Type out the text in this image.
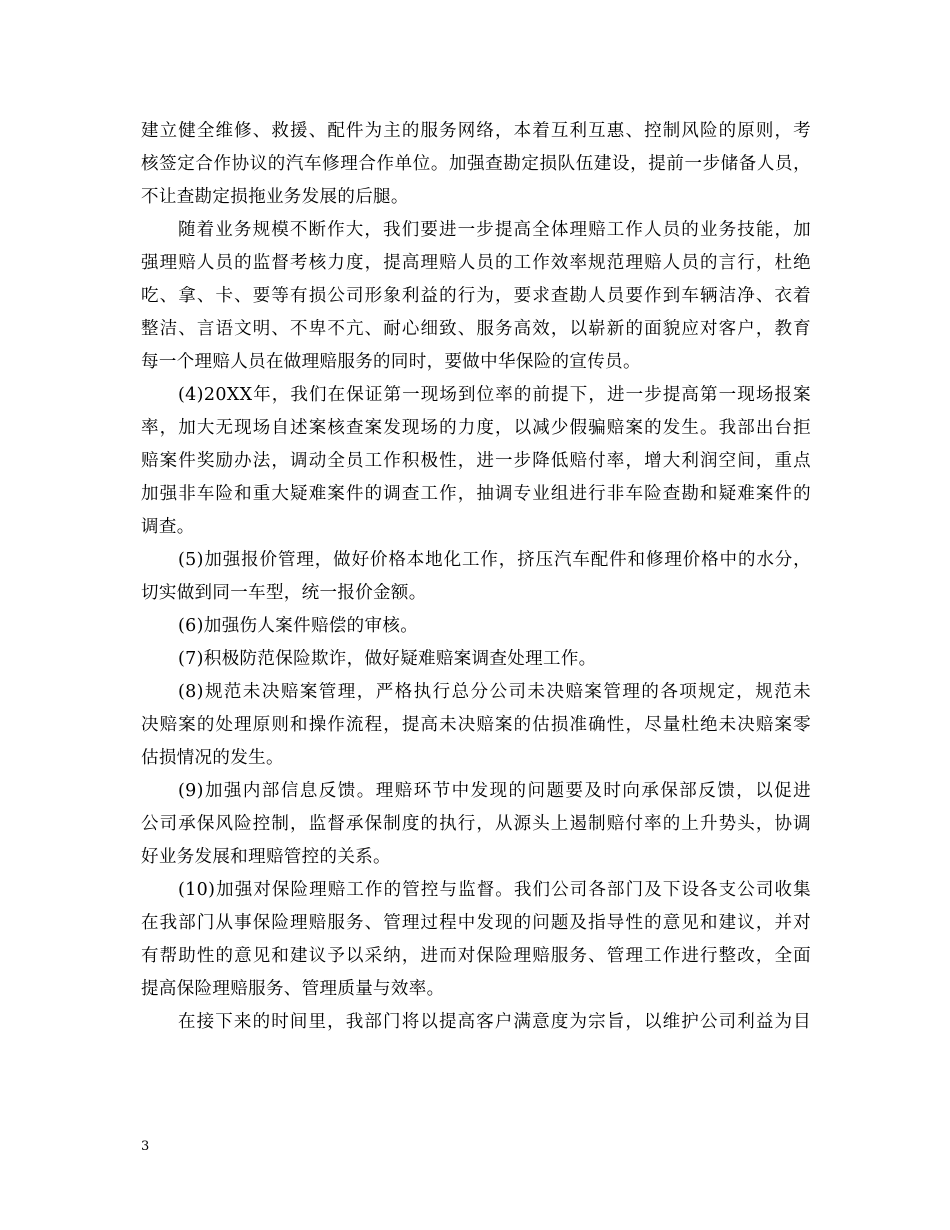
建立健全维修、救援、配件为主的服务网络，本着互利互惠、控制风险的原则，考
核签定合作协议的汽车修理合作单位。加强查勘定损队伍建设，提前一步储备人员，
不让查勘定损拖业务发展的后腿。
随着业务规模不断作大，我们要进一步提高全体理赔工作人员的业务技能，加
强理赔人员的监督考核力度，提高理赔人员的工作效率规范理赔人员的言行，杜绝
吃、拿、卡、要等有损公司形象利益的行为，要求查勘人员要作到车辆洁净、衣着
整洁、言语文明、不卑不亢、耐心细致、服务高效，以崭新的面貌应对客户，教育
每一个理赔人员在做理赔服务的同时，要做中华保险的宣传员。
(4)20XX年，我们在保证第一现场到位率的前提下，进一步提高第一现场报案
率，加大无现场自述案核查案发现场的力度，以减少假骗赔案的发生。我部出台拒
赔案件奖励办法，调动全员工作积极性，进一步降低赔付率，增大利润空间，重点
加强非车险和重大疑难案件的调查工作，抽调专业组进行非车险查勘和疑难案件的
调查。
(5)加强报价管理，做好价格本地化工作，挤压汽车配件和修理价格中的水分，
切实做到同一车型，统一报价金额。
(6)加强伤人案件赔偿的审核。
(7)积极防范保险欺诈，做好疑难赔案调查处理工作。
(8)规范未决赔案管理，严格执行总分公司未决赔案管理的各项规定，规范未
决赔案的处理原则和操作流程，提高未决赔案的估损准确性，尽量杜绝未决赔案零
估损情况的发生。
(9)加强内部信息反馈。理赔环节中发现的问题要及时向承保部反馈，以促进
公司承保风险控制，监督承保制度的执行，从源头上遏制赔付率的上升势头，协调
好业务发展和理赔管控的关系。
(10)加强对保险理赔工作的管控与监督。我们公司各部门及下设各支公司收集
在我部门从事保险理赔服务、管理过程中发现的问题及指导性的意见和建议，并对
有帮助性的意见和建议予以采纳，进而对保险理赔服务、管理工作进行整改，全面
提高保险理赔服务、管理质量与效率。
在接下来的时间里，我部门将以提高客户满意度为宗旨，以维护公司利益为目
3
